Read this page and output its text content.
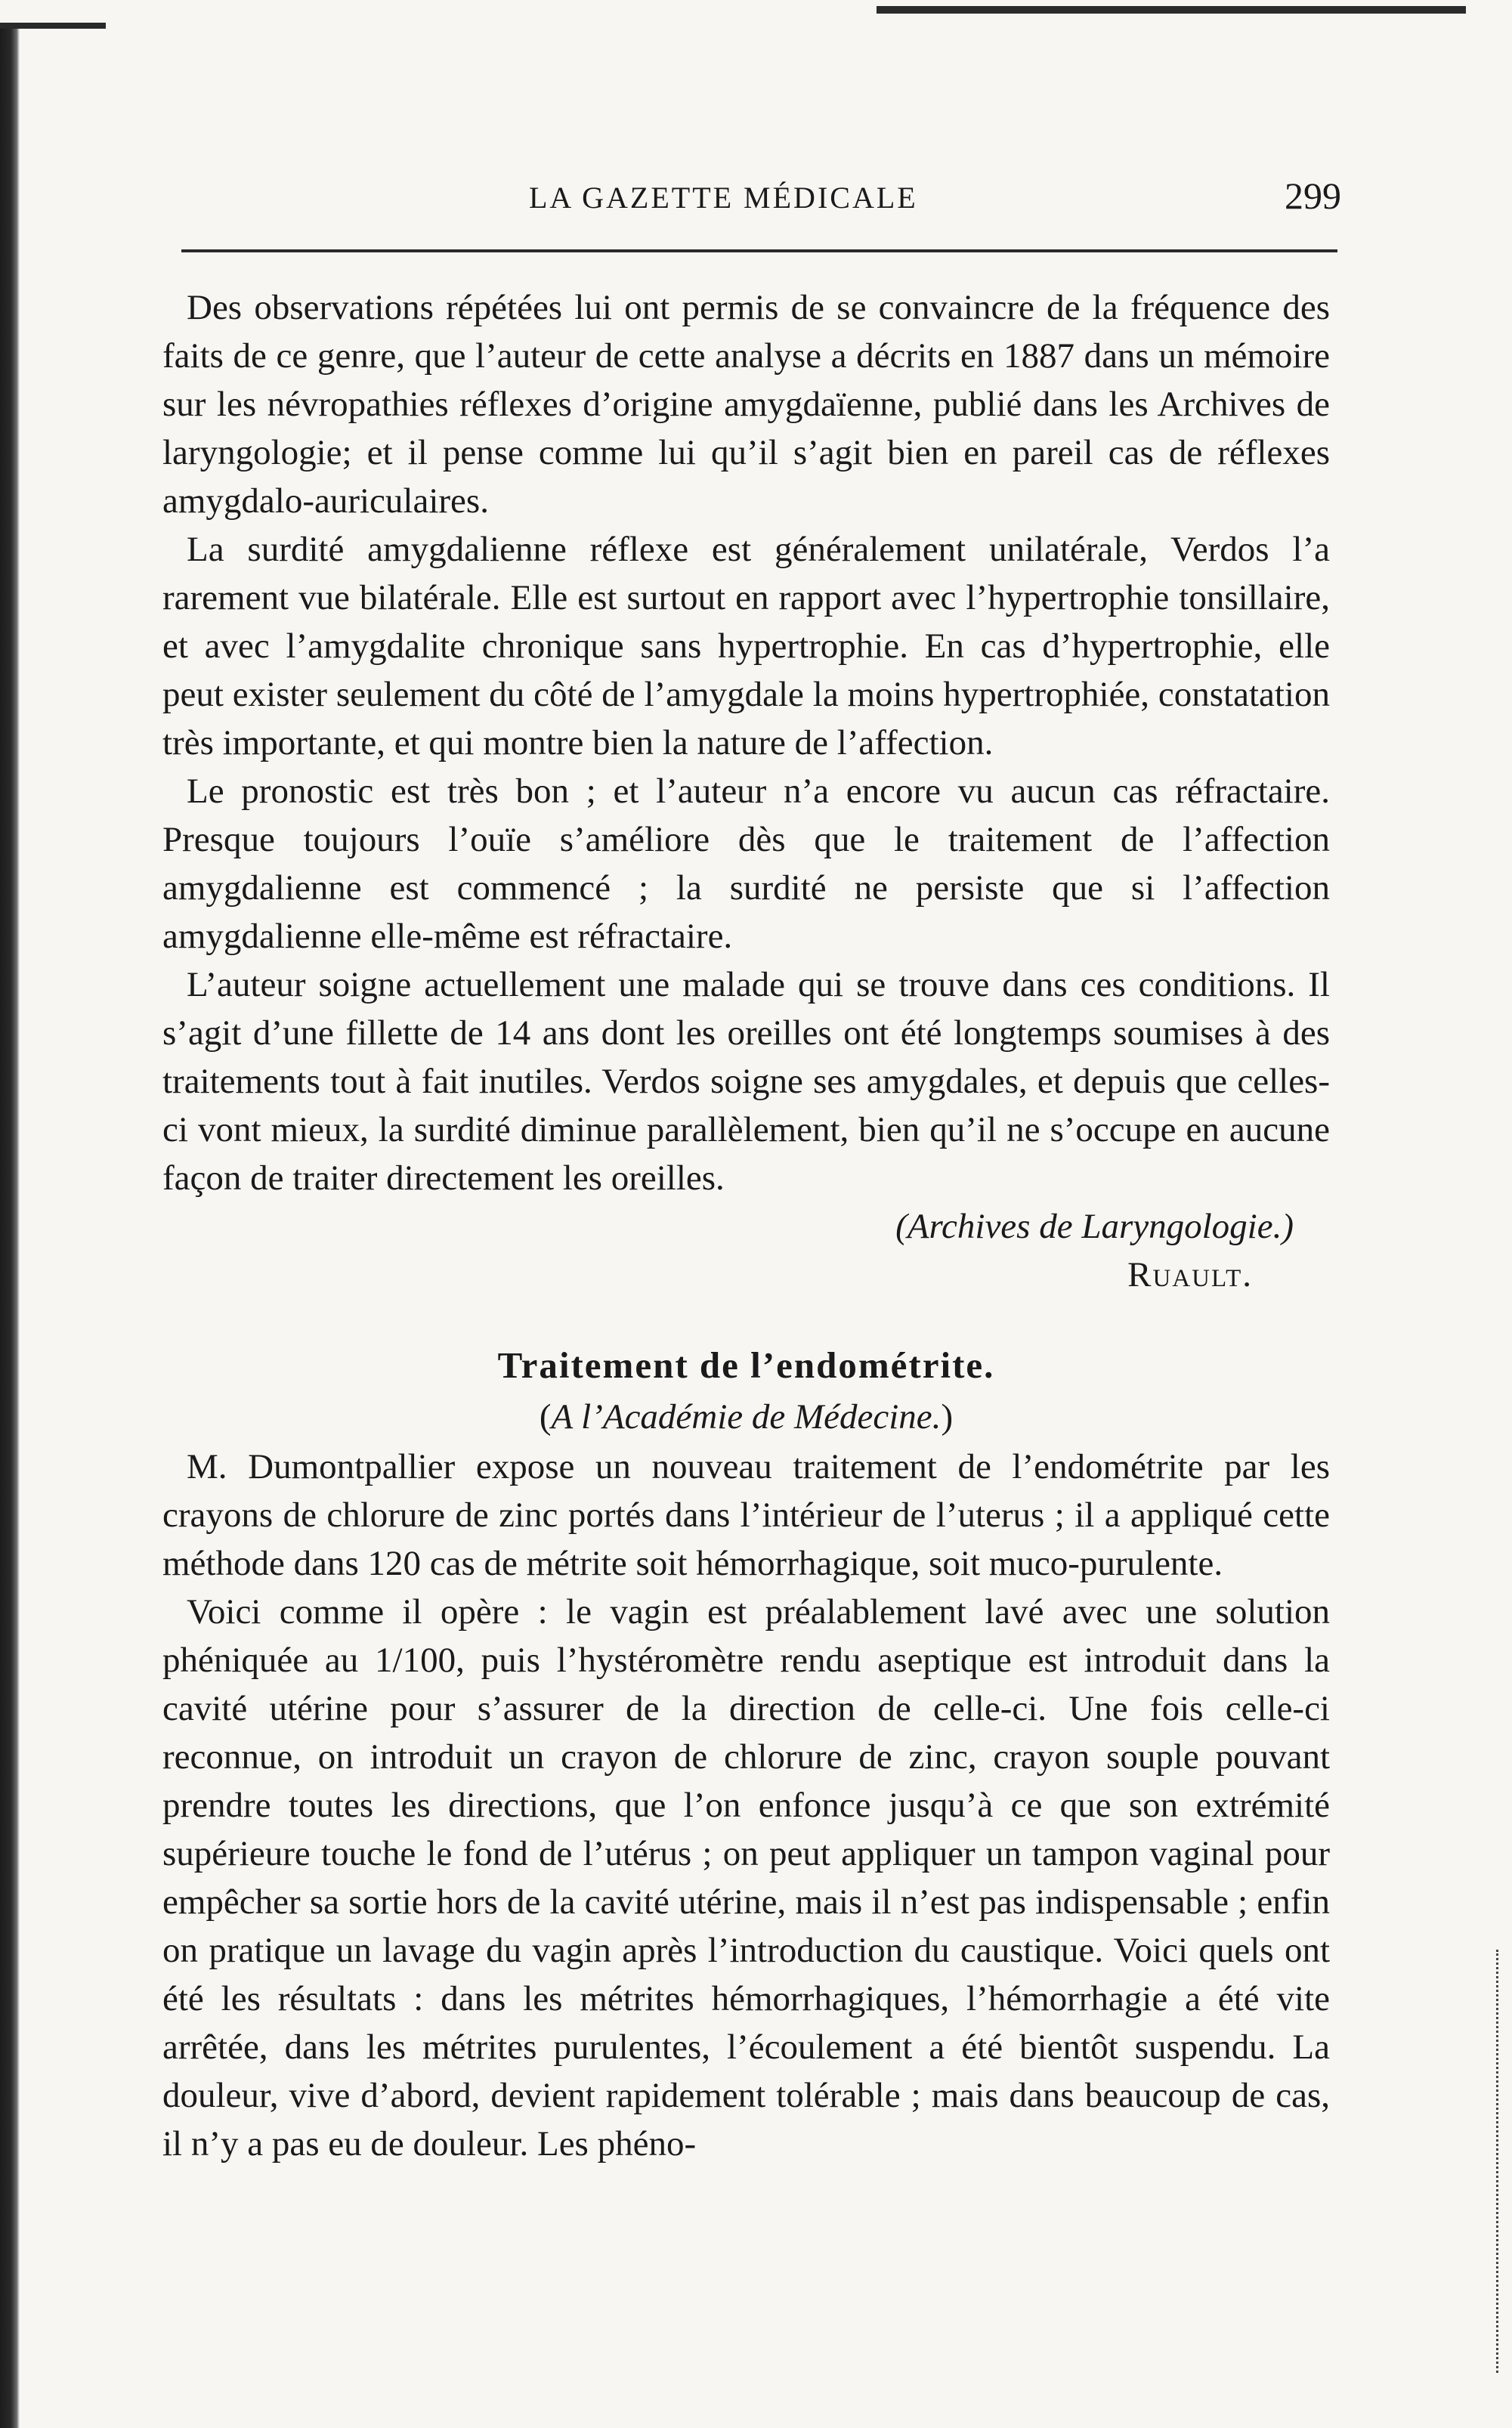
LA GAZETTE MÉDICALE	299

Des observations répétées lui ont permis de se convaincre de la fréquence des faits de ce genre, que l’auteur de cette analyse a décrits en 1887 dans un mémoire sur les névropathies réflexes d’origine amygdaïenne, publié dans les Archives de laryngologie; et il pense comme lui qu’il s’agit bien en pareil cas de réflexes amygdalo-auriculaires.

La surdité amygdalienne réflexe est généralement unilatérale, Verdos l’a rarement vue bilatérale. Elle est surtout en rapport avec l’hypertrophie tonsillaire, et avec l’amygdalite chronique sans hypertrophie. En cas d’hypertrophie, elle peut exister seulement du côté de l’amygdale la moins hypertrophiée, constatation très importante, et qui montre bien la nature de l’affection.

Le pronostic est très bon ; et l’auteur n’a encore vu aucun cas réfractaire. Presque toujours l’ouïe s’améliore dès que le traitement de l’affection amygdalienne est commencé ; la surdité ne persiste que si l’affection amygdalienne elle-même est réfractaire.

L’auteur soigne actuellement une malade qui se trouve dans ces conditions. Il s’agit d’une fillette de 14 ans dont les oreilles ont été longtemps soumises à des traitements tout à fait inutiles. Verdos soigne ses amygdales, et depuis que celles-ci vont mieux, la surdité diminue parallèlement, bien qu’il ne s’occupe en aucune façon de traiter directement les oreilles.

(Archives de Laryngologie.)
Ruault.
Traitement de l’endométrite.
(A l’Académie de Médecine.)

M. Dumontpallier expose un nouveau traitement de l’endométrite par les crayons de chlorure de zinc portés dans l’intérieur de l’uterus ; il a appliqué cette méthode dans 120 cas de métrite soit hémorrhagique, soit muco-purulente.

Voici comme il opère : le vagin est préalablement lavé avec une solution phéniquée au 1/100, puis l’hystéromètre rendu aseptique est introduit dans la cavité utérine pour s’assurer de la direction de celle-ci. Une fois celle-ci reconnue, on introduit un crayon de chlorure de zinc, crayon souple pouvant prendre toutes les directions, que l’on enfonce jusqu’à ce que son extrémité supérieure touche le fond de l’utérus ; on peut appliquer un tampon vaginal pour empêcher sa sortie hors de la cavité utérine, mais il n’est pas indispensable ; enfin on pratique un lavage du vagin après l’introduction du caustique. Voici quels ont été les résultats : dans les métrites hémorrhagiques, l’hémorrhagie a été vite arrêtée, dans les métrites purulentes, l’écoulement a été bientôt suspendu. La douleur, vive d’abord, devient rapidement tolérable ; mais dans beaucoup de cas, il n’y a pas eu de douleur. Les phéno-
